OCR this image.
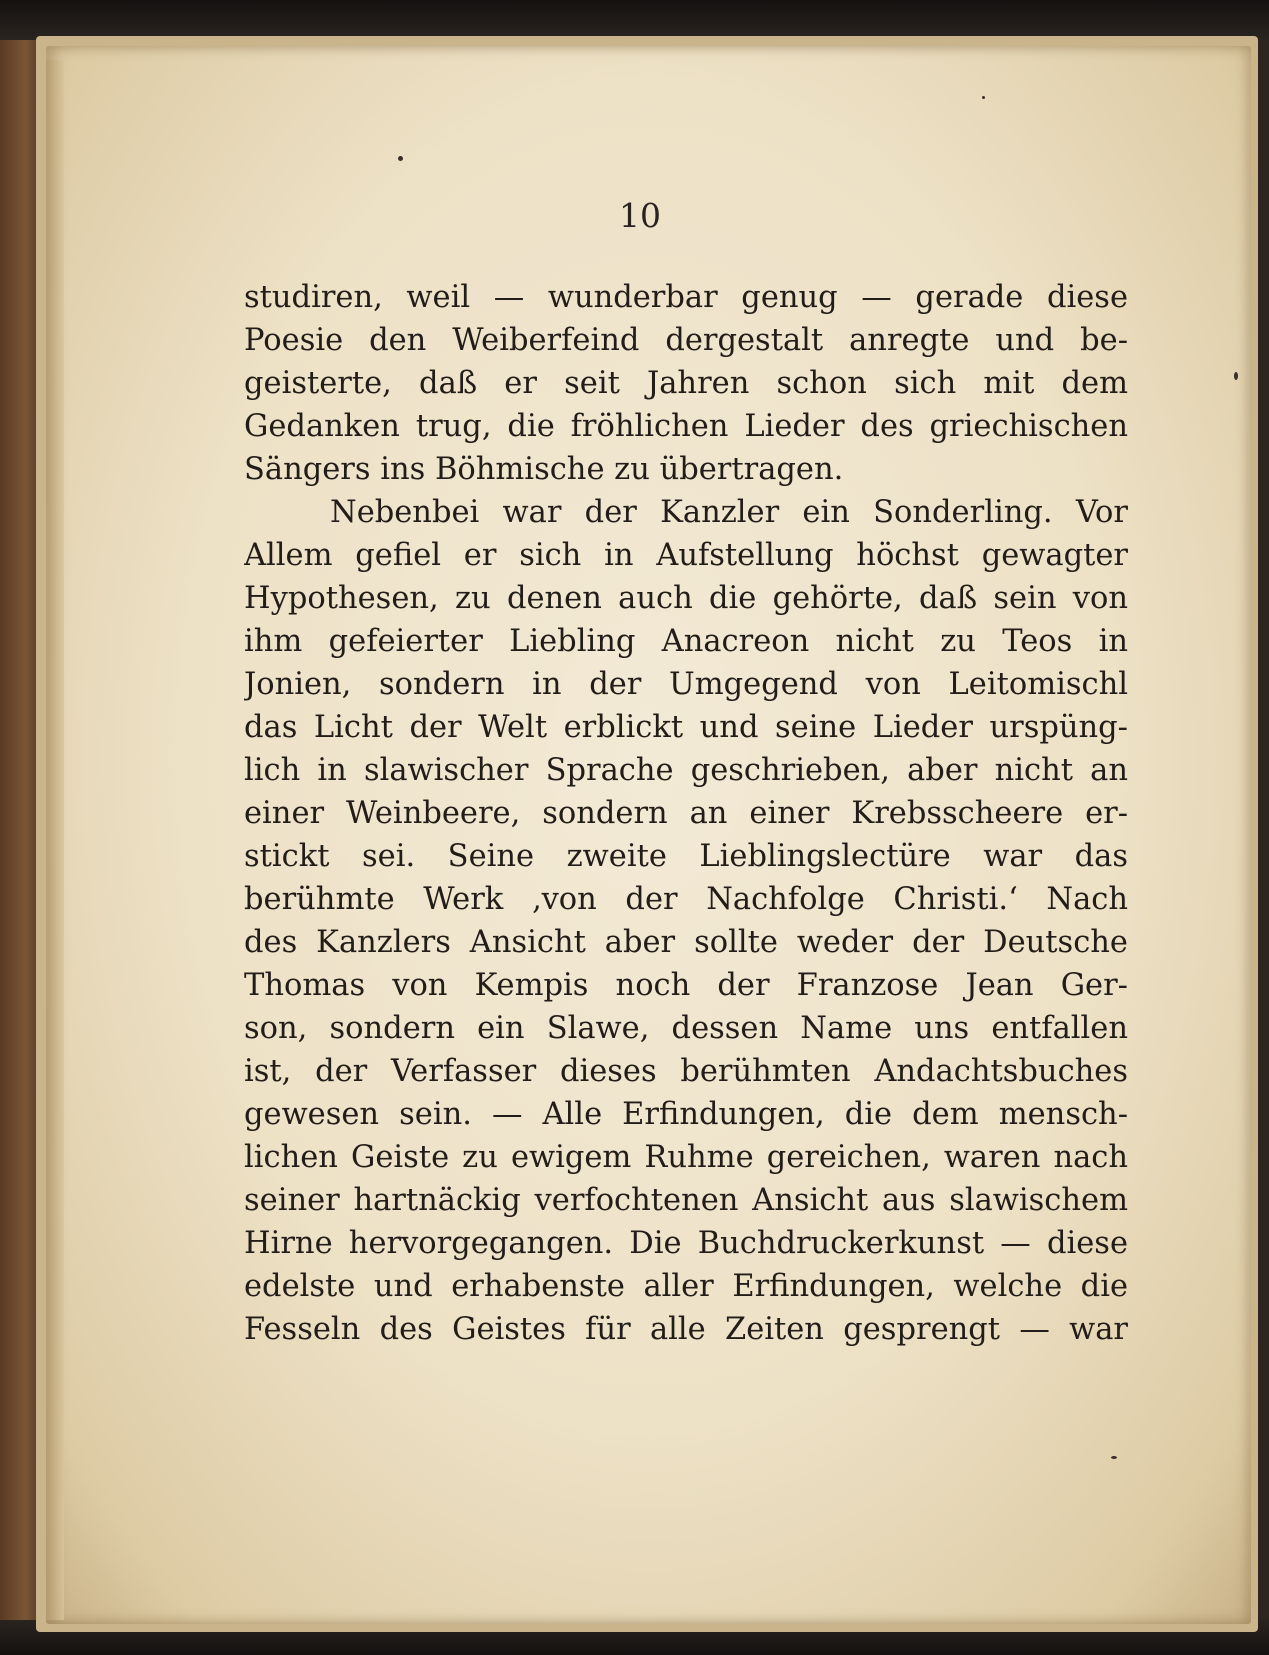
10
studiren, weil — wunderbar genug — gerade diese
Poesie den Weiberfeind dergestalt anregte und be-
geisterte, daß er seit Jahren schon sich mit dem
Gedanken trug, die fröhlichen Lieder des griechischen
Sängers ins Böhmische zu übertragen.
Nebenbei war der Kanzler ein Sonderling. Vor
Allem gefiel er sich in Aufstellung höchst gewagter
Hypothesen, zu denen auch die gehörte, daß sein von
ihm gefeierter Liebling Anacreon nicht zu Teos in
Jonien, sondern in der Umgegend von Leitomischl
das Licht der Welt erblickt und seine Lieder urspüng-
lich in slawischer Sprache geschrieben, aber nicht an
einer Weinbeere, sondern an einer Krebsscheere er-
stickt sei. Seine zweite Lieblingslectüre war das
berühmte Werk ‚von der Nachfolge Christi.‘ Nach
des Kanzlers Ansicht aber sollte weder der Deutsche
Thomas von Kempis noch der Franzose Jean Ger-
son, sondern ein Slawe, dessen Name uns entfallen
ist, der Verfasser dieses berühmten Andachtsbuches
gewesen sein. — Alle Erfindungen, die dem mensch-
lichen Geiste zu ewigem Ruhme gereichen, waren nach
seiner hartnäckig verfochtenen Ansicht aus slawischem
Hirne hervorgegangen. Die Buchdruckerkunst — diese
edelste und erhabenste aller Erfindungen, welche die
Fesseln des Geistes für alle Zeiten gesprengt — war
